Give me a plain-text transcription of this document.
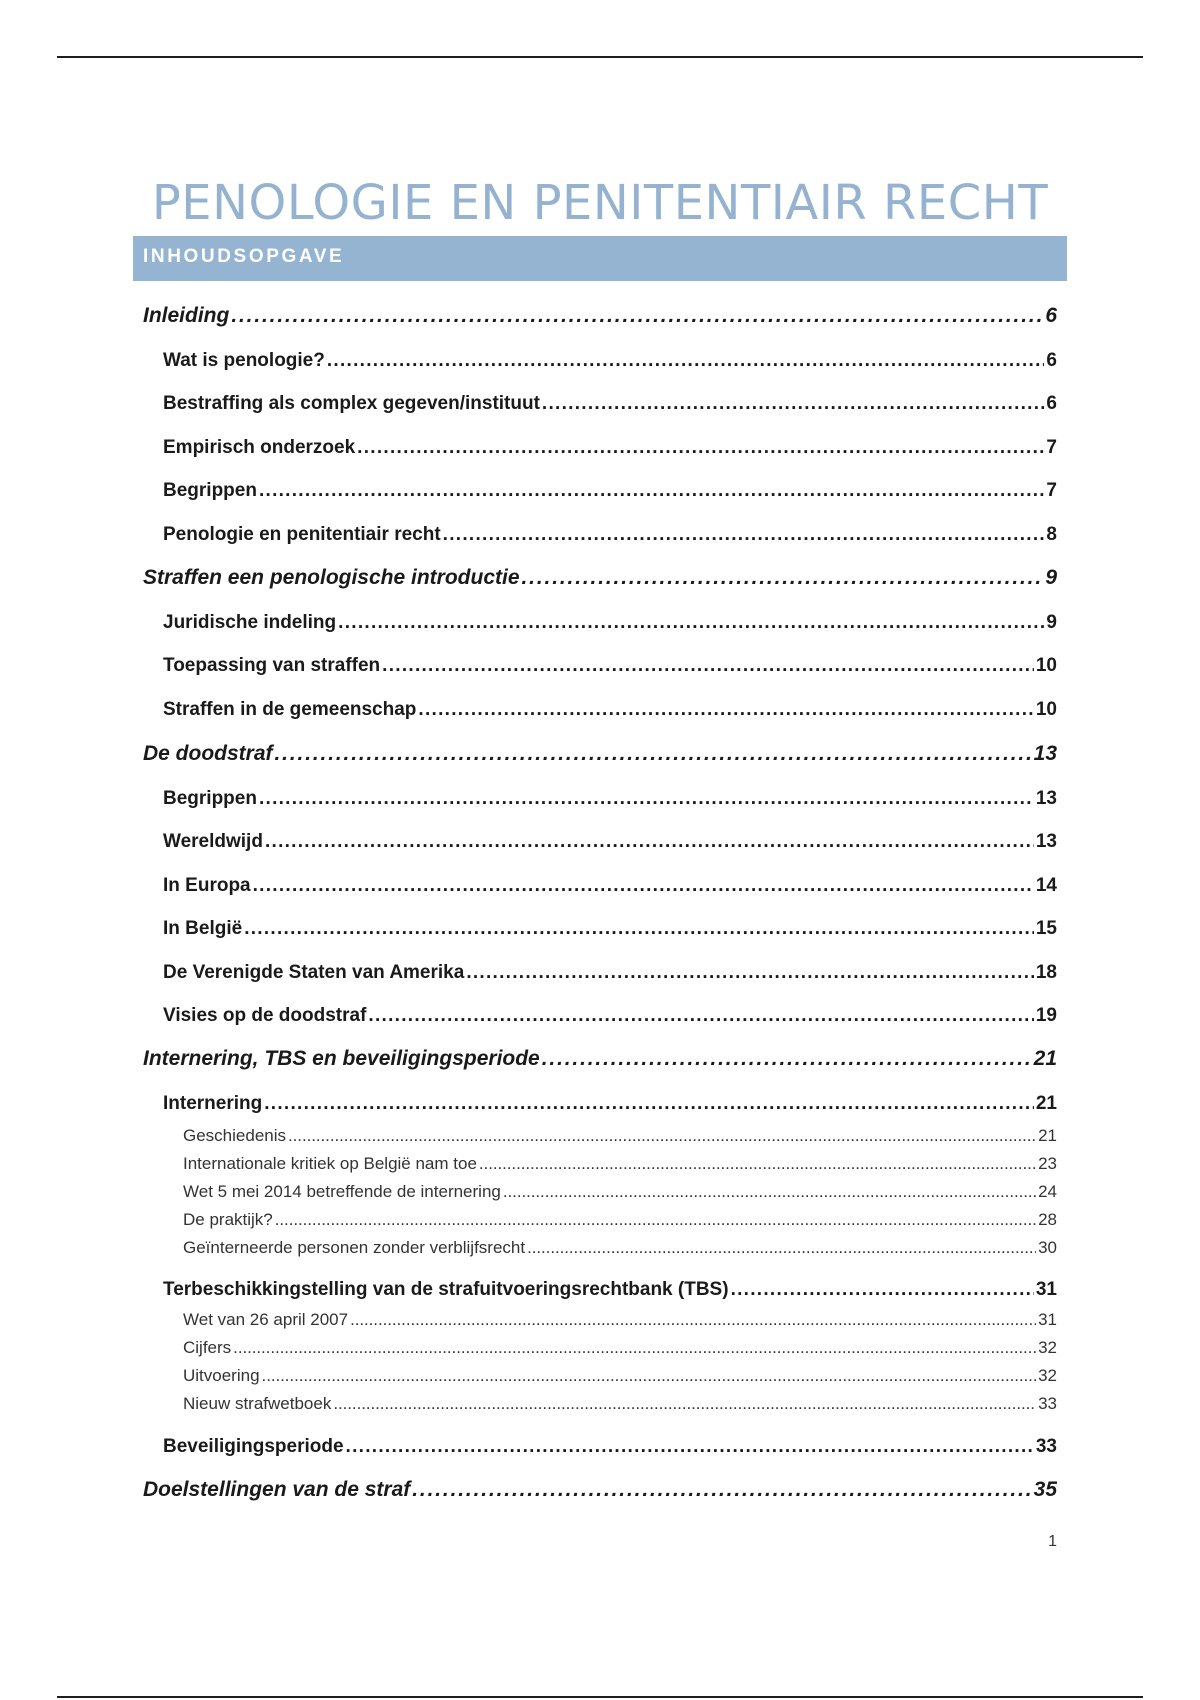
PENOLOGIE EN PENITENTIAIR RECHT
INHOUDSOPGAVE
Inleiding . . .	6
Wat is penologie? . . .	6
Bestraffing als complex gegeven/instituut . . .	6
Empirisch onderzoek . . .	7
Begrippen . . .	7
Penologie en penitentiair recht . . .	8
Straffen een penologische introductie . . .	9
Juridische indeling . . .	9
Toepassing van straffen . . .	10
Straffen in de gemeenschap . . .	10
De doodstraf . . .	13
Begrippen . . .	13
Wereldwijd . . .	13
In Europa . . .	14
In België . . .	15
De Verenigde Staten van Amerika . . .	18
Visies op de doodstraf . . .	19
Internering, TBS en beveiligingsperiode . . .	21
Internering . . .	21
Geschiedenis . . .	21
Internationale kritiek op België nam toe . . .	23
Wet 5 mei 2014 betreffende de internering . . .	24
De praktijk? . . .	28
Geïnterneerde personen zonder verblijfsrecht . . .	30
Terbeschikkingstelling van de strafuitvoeringsrechtbank (TBS) . . .	31
Wet van 26 april 2007 . . .	31
Cijfers . . .	32
Uitvoering . . .	32
Nieuw strafwetboek . . .	33
Beveiligingsperiode . . .	33
Doelstellingen van de straf . . .	35
1
